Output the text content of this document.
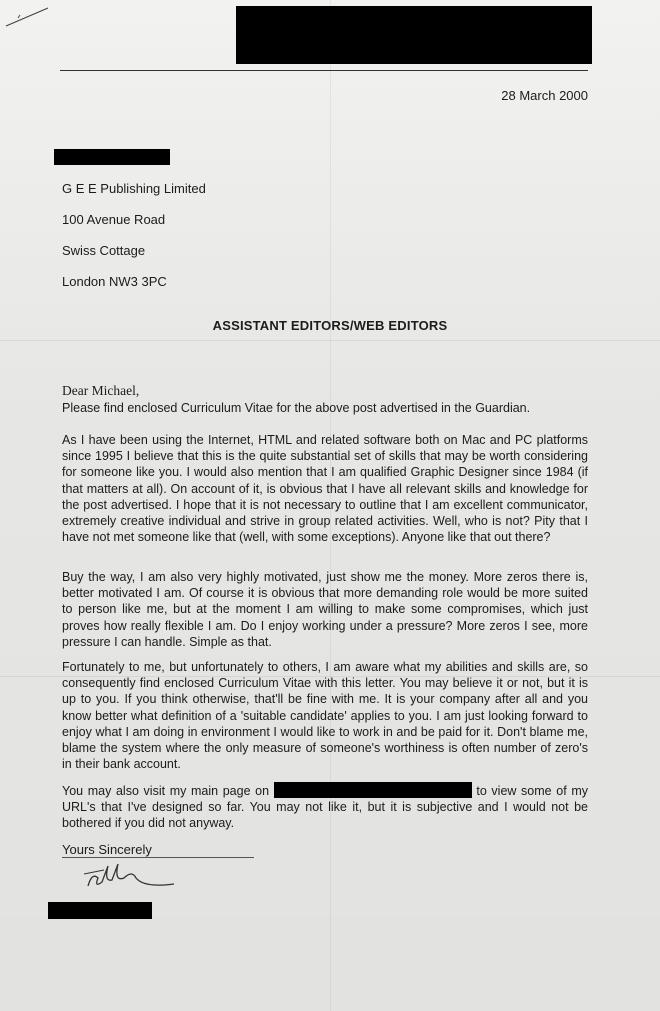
28 March 2000
G E E Publishing Limited
100 Avenue Road
Swiss Cottage
London NW3 3PC
ASSISTANT EDITORS/WEB EDITORS
Dear Michael,

Please find enclosed Curriculum Vitae for the above post advertised in the Guardian.

As I have been using the Internet, HTML and related software both on Mac and PC platforms since 1995 I believe that this is the quite substantial set of skills that may be worth considering for someone like you. I would also mention that I am qualified Graphic Designer since 1984 (if that matters at all). On account of it, is obvious that I have all relevant skills and knowledge for the post advertised. I hope that it is not necessary to outline that I am excellent communicator, extremely creative individual and strive in group related activities. Well, who is not? Pity that I have not met someone like that (well, with some exceptions). Anyone like that out there?

Buy the way, I am also very highly motivated, just show me the money. More zeros there is, better motivated I am. Of course it is obvious that more demanding role would be more suited to person like me, but at the moment I am willing to make some compromises, which just proves how really flexible I am. Do I enjoy working under a pressure? More zeros I see, more pressure I can handle. Simple as that.

Fortunately to me, but unfortunately to others, I am aware what my abilities and skills are, so consequently find enclosed Curriculum Vitae with this letter. You may believe it or not, but it is up to you. If you think otherwise, that'll be fine with me. It is your company after all and you know better what definition of a 'suitable candidate' applies to you. I am just looking forward to enjoy what I am doing in environment I would like to work in and be paid for it. Don't blame me, blame the system where the only measure of someone's worthiness is often number of zero's in their bank account.

You may also visit my main page on	to view some of my URL's that I've designed so far. You may not like it, but it is subjective and I would not be bothered if you did not anyway.

Yours Sincerely
